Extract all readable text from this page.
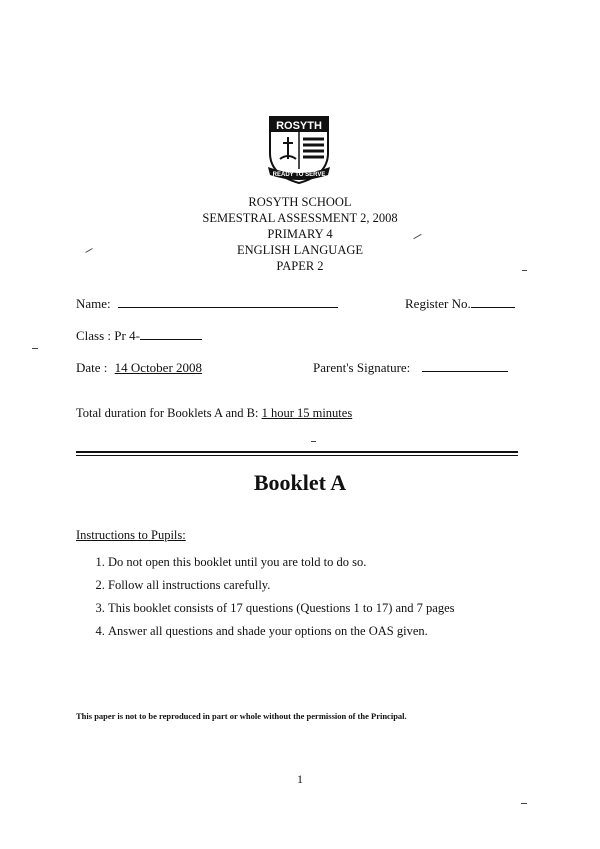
ROSYTH
READY TO SERVE
ROSYTH SCHOOL
SEMESTRAL ASSESSMENT 2, 2008
PRIMARY 4
ENGLISH LANGUAGE
PAPER 2
Name:	Register No.
Class : Pr 4-
Date : 14 October 2008	Parent's Signature:
Total duration for Booklets A and B: 1 hour 15 minutes
Booklet A
Instructions to Pupils:
1. Do not open this booklet until you are told to do so.
2. Follow all instructions carefully.
3. This booklet consists of 17 questions (Questions 1 to 17) and 7 pages
4. Answer all questions and shade your options on the OAS given.
This paper is not to be reproduced in part or whole without the permission of the Principal.
1
